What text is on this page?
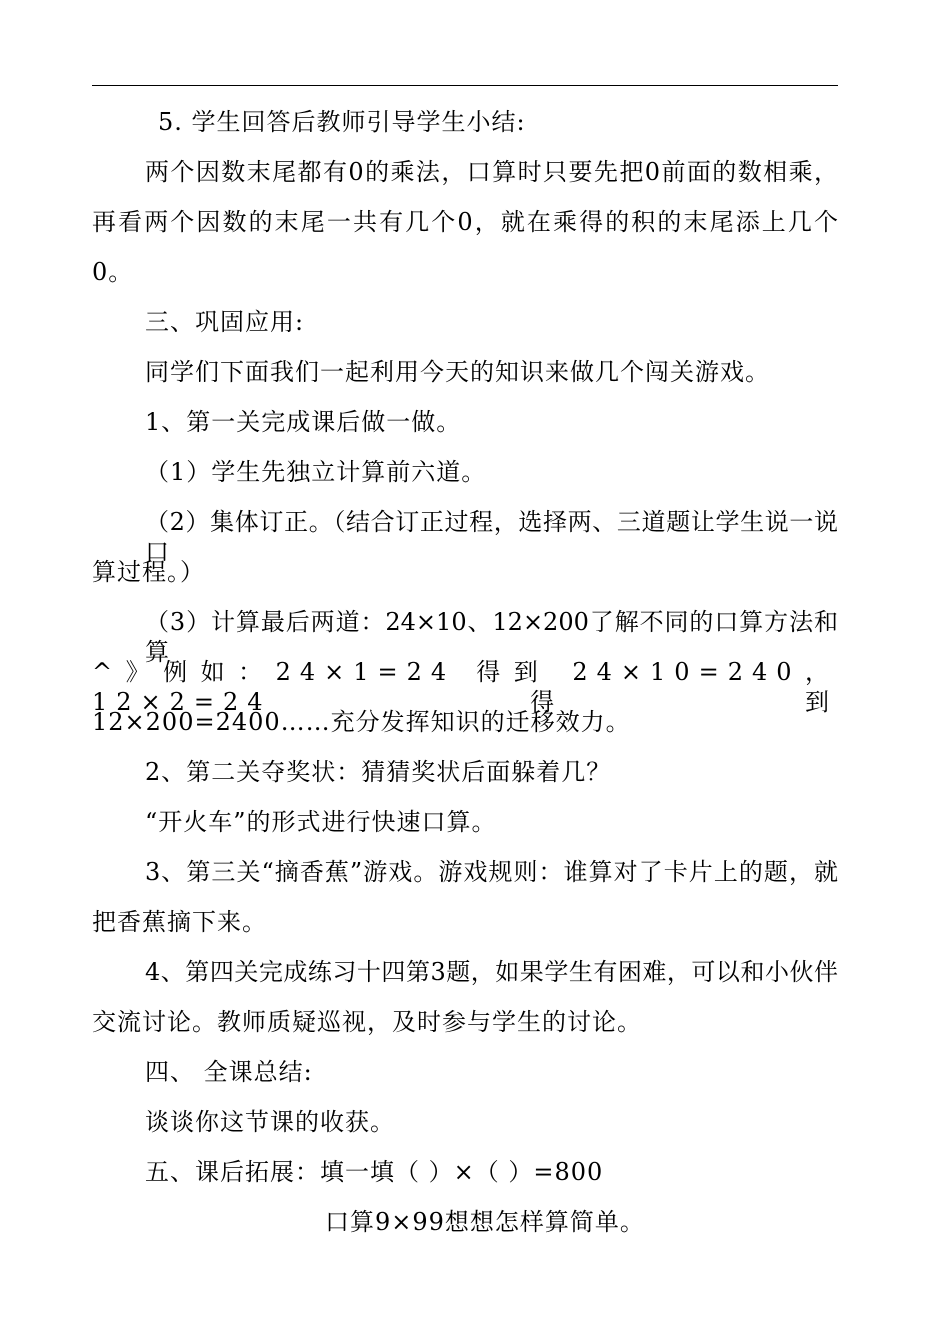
5. 学生回答后教师引导学生小结:
两个因数末尾都有0的乘法，口算时只要先把0前面的数相乘，
再看两个因数的末尾一共有几个0，就在乘得的积的末尾添上几个
0。
三、巩固应用:
同学们下面我们一起利用今天的知识来做几个闯关游戏。
1、第一关完成课后做一做。
（1）学生先独立计算前六道。
（2）集体订正。（结合订正过程，选择两、三道题让学生说一说口
算过程。）
（3）计算最后两道：24×10、12×200了解不同的口算方法和算
^》例如：24×1=24 得到 24×10=240，12×2=24 得到
12×200=2400……充分发挥知识的迁移效力。
2、第二关夺奖状：猜猜奖状后面躲着几？
“开火车”的形式进行快速口算。
3、第三关“摘香蕉”游戏。游戏规则：谁算对了卡片上的题，就
把香蕉摘下来。
4、第四关完成练习十四第3题，如果学生有困难，可以和小伙伴
交流讨论。教师质疑巡视，及时参与学生的讨论。
四、 全课总结:
谈谈你这节课的收获。
五、课后拓展：填一填（ ）×（ ）=800
口算9×99想想怎样算简单。
